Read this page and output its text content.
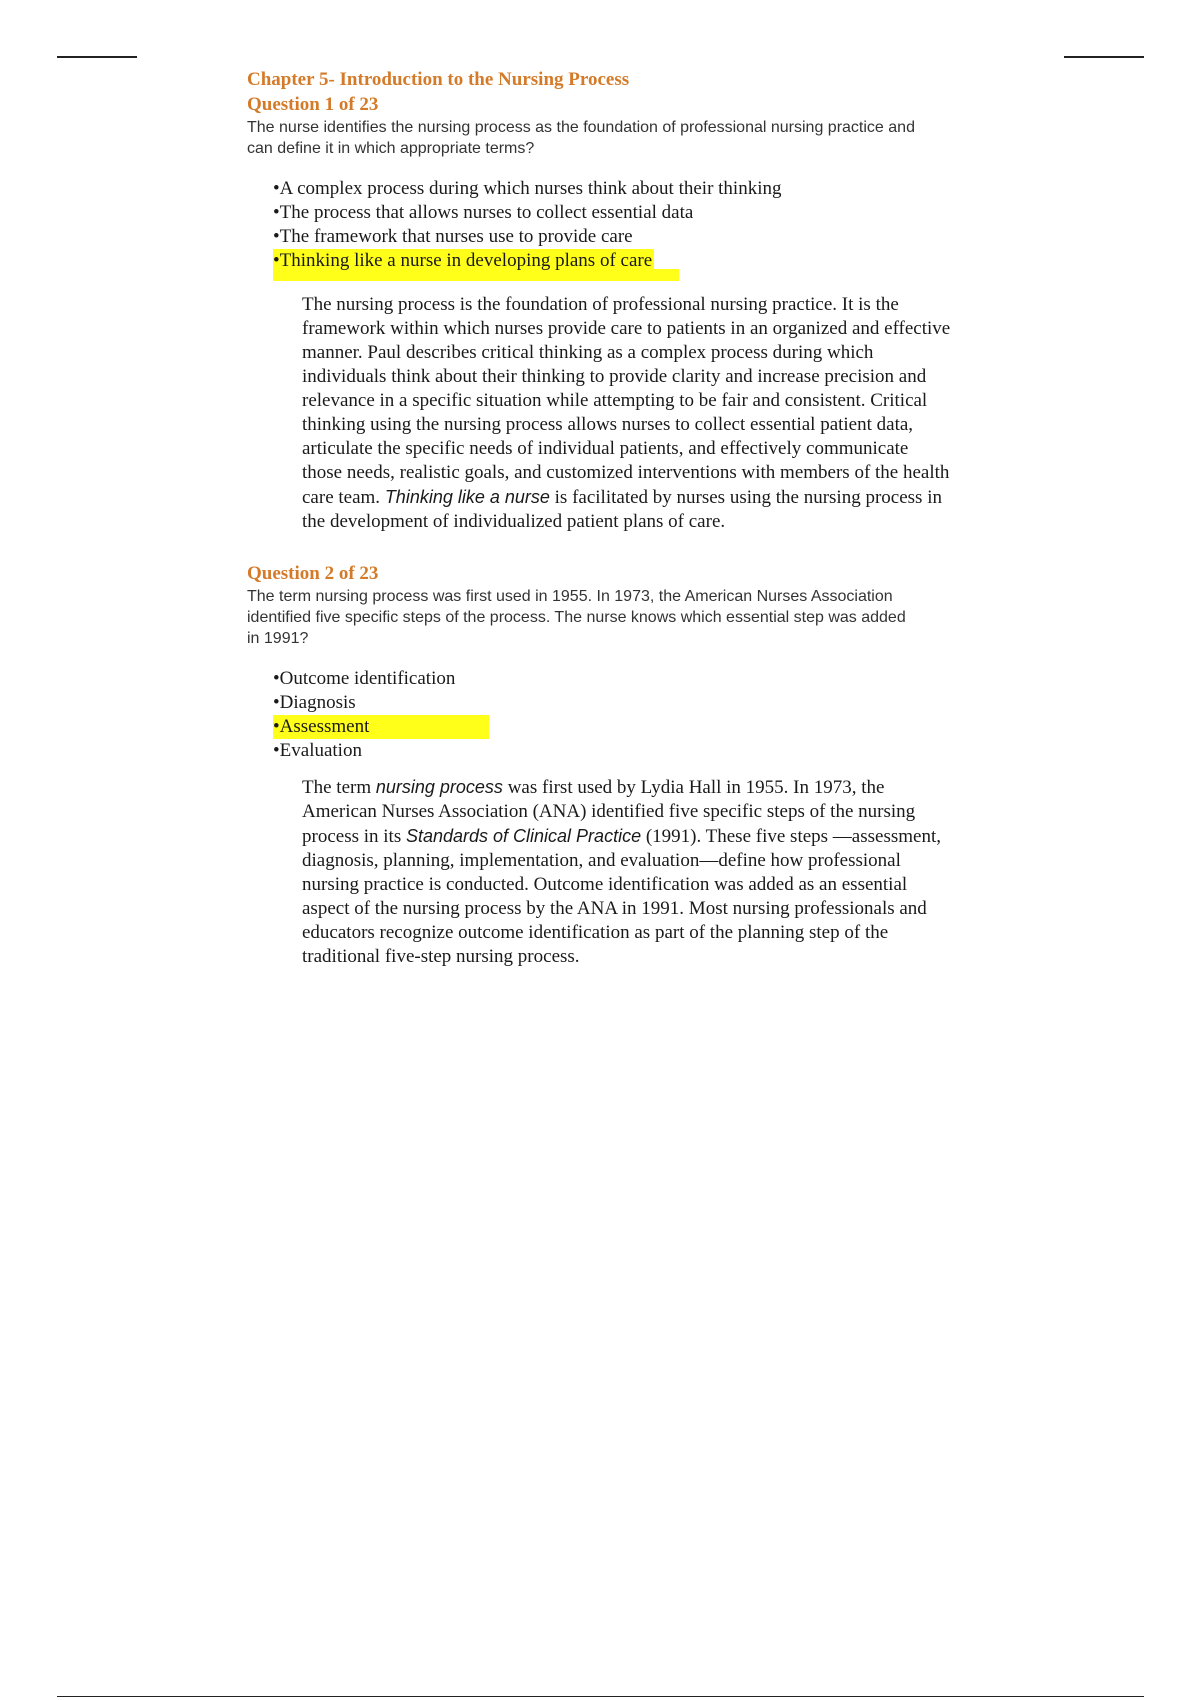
Chapter 5- Introduction to the Nursing Process
Question 1 of 23
The nurse identifies the nursing process as the foundation of professional nursing practice and can define it in which appropriate terms?
•A complex process during which nurses think about their thinking
•The process that allows nurses to collect essential data
•The framework that nurses use to provide care
•Thinking like a nurse in developing plans of care

The nursing process is the foundation of professional nursing practice. It is the framework within which nurses provide care to patients in an organized and effective manner. Paul describes critical thinking as a complex process during which individuals think about their thinking to provide clarity and increase precision and relevance in a specific situation while attempting to be fair and consistent. Critical thinking using the nursing process allows nurses to collect essential patient data, articulate the specific needs of individual patients, and effectively communicate those needs, realistic goals, and customized interventions with members of the health care team. Thinking like a nurse is facilitated by nurses using the nursing process in the development of individualized patient plans of care.

Question 2 of 23
The term nursing process was first used in 1955. In 1973, the American Nurses Association identified five specific steps of the process. The nurse knows which essential step was added in 1991?
•Outcome identification
•Diagnosis
•Assessment
•Evaluation

The term nursing process was first used by Lydia Hall in 1955. In 1973, the American Nurses Association (ANA) identified five specific steps of the nursing process in its Standards of Clinical Practice (1991). These five steps —assessment, diagnosis, planning, implementation, and evaluation—define how professional nursing practice is conducted. Outcome identification was added as an essential aspect of the nursing process by the ANA in 1991. Most nursing professionals and educators recognize outcome identification as part of the planning step of the traditional five-step nursing process.
